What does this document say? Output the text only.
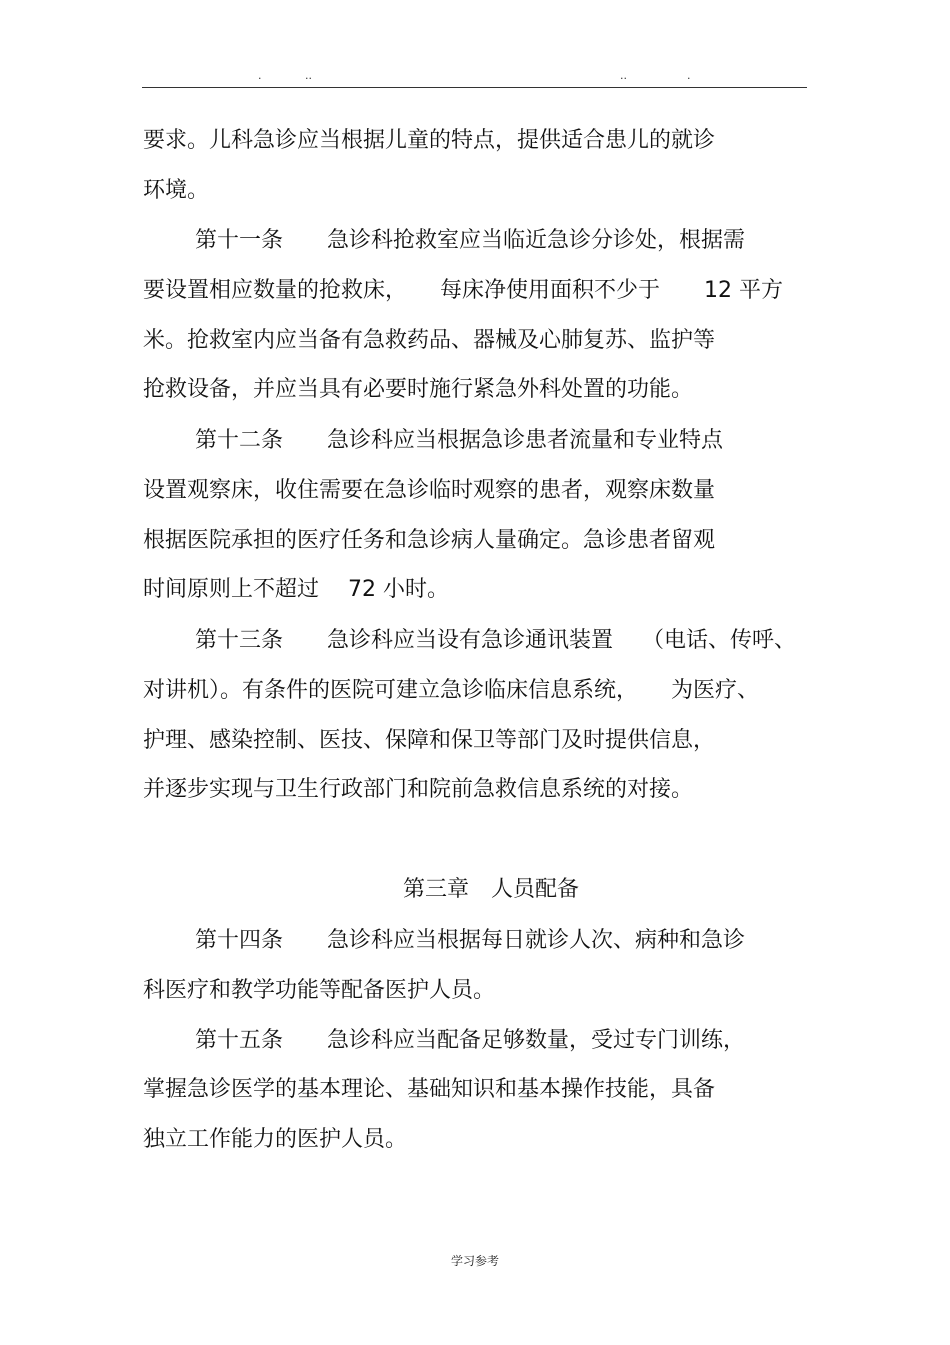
.	..	..	.
要求。儿科急诊应当根据儿童的特点，提供适合患儿的就诊
环境。
第十一条　　急诊科抢救室应当临近急诊分诊处，根据需
要设置相应数量的抢救床，　　每床净使用面积不少于　　12 平方
米。抢救室内应当备有急救药品、器械及心肺复苏、监护等
抢救设备，并应当具有必要时施行紧急外科处置的功能。
第十二条　　急诊科应当根据急诊患者流量和专业特点
设置观察床，收住需要在急诊临时观察的患者，观察床数量
根据医院承担的医疗任务和急诊病人量确定。急诊患者留观
时间原则上不超过　 72 小时。
第十三条　　急诊科应当设有急诊通讯装置　 （电话、传呼、
对讲机）。有条件的医院可建立急诊临床信息系统，　　为医疗、
护理、感染控制、医技、保障和保卫等部门及时提供信息，
并逐步实现与卫生行政部门和院前急救信息系统的对接。
第三章　人员配备
第十四条　　急诊科应当根据每日就诊人次、病种和急诊
科医疗和教学功能等配备医护人员。
第十五条　　急诊科应当配备足够数量，受过专门训练，
掌握急诊医学的基本理论、基础知识和基本操作技能，具备
独立工作能力的医护人员。
学习参考
